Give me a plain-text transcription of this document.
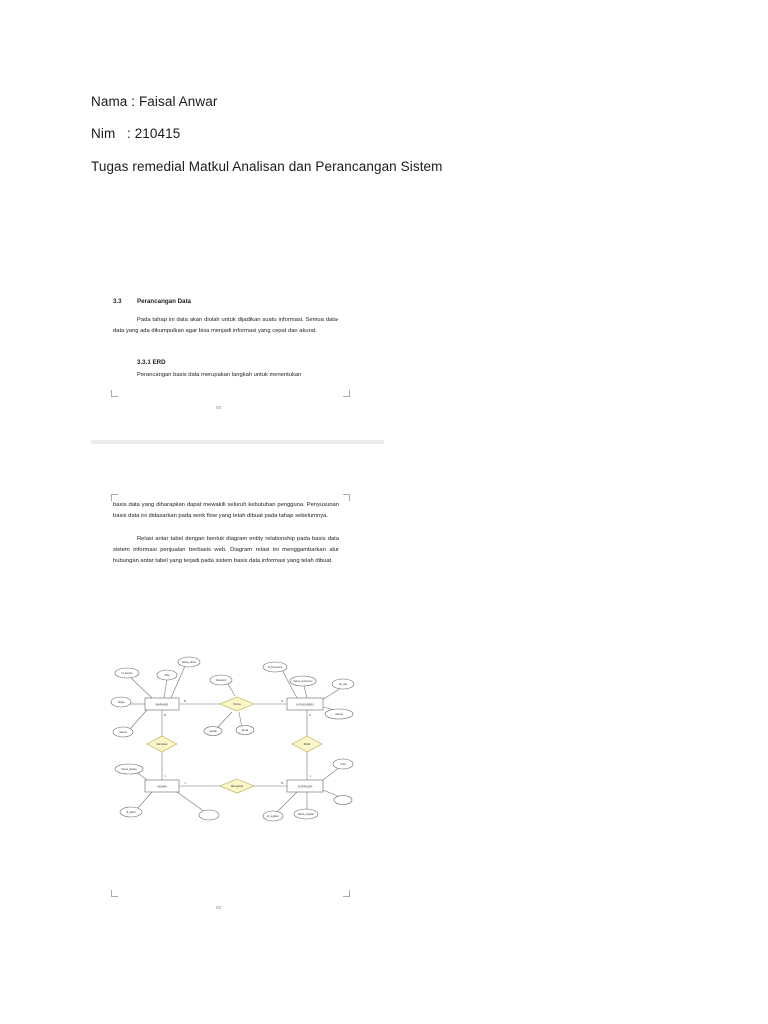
Nama : Faisal Anwar
Nim : 210415
Tugas remedial Matkul Analisan dan Perancangan Sistem
3.3 Perancangan Data
Pada tahap ini data akan diolah untuk dijadikan suatu informasi. Semua data-data yang ada dikumpulkan agar bisa menjadi informasi yang cepat dan akurat.
3.3.1 ERD
Perancangan basis data merupakan langkah untuk menentukan
xx
basis data yang diharapkan dapat mewakili seluruh kebutuhan pengguna. Penyusunan basis data ini didasarkan pada work flow yang telah dibuat pada tahap sebelumnya.
Relasi antar tabel dengan bentuk diagram entity relationship pada basis data sistem informasi penjualan berbasis web. Diagram relasi ini menggambarkan alur hubungan antar tabel yang terjadi pada sistem basis data informasi yang telah dibuat.
BARANG	KONSUMEN
ADMIN	SUPPLIER
Terima
Dibeli
Membuat
Mengelola
Id_barang
Nama_barang
Stok
Harga
Satuan
Id_konsumen
Nama_konsumen
Alamat
No_telp
Email
Id_admin
Nama_admin
Password
Id_supplier
Nama_supplier
Kota
Jumlah
M	N
M
1
1	M
N
1
xx
